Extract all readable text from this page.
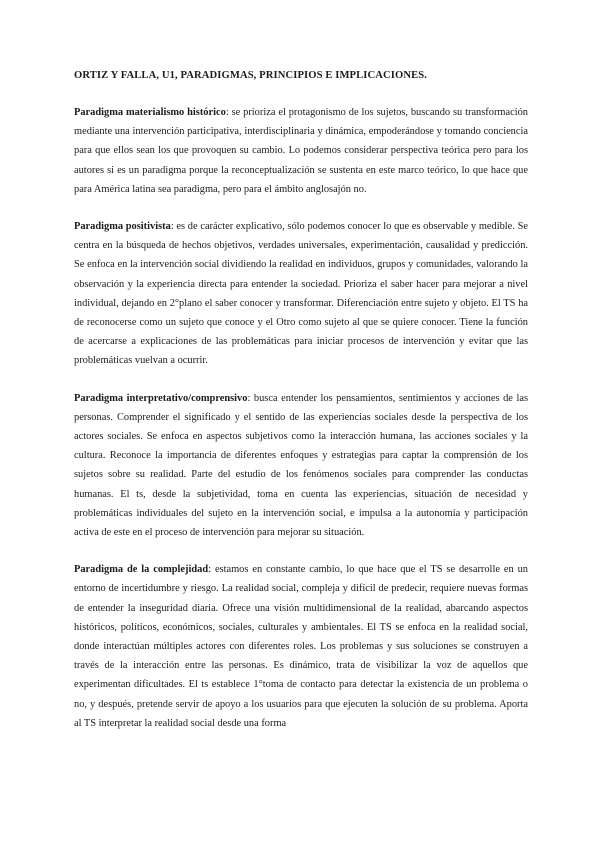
ORTIZ Y FALLA, U1, PARADIGMAS, PRINCIPIOS E IMPLICACIONES.

Paradigma materialismo histórico: se prioriza el protagonismo de los sujetos, buscando su transformación mediante una intervención participativa, interdisciplinaria y dinámica, empoderándose y tomando conciencia para que ellos sean los que provoquen su cambio. Lo podemos considerar perspectiva teórica pero para los autores si es un paradigma porque la reconceptualización se sustenta en este marco teórico, lo que hace que para América latina sea paradigma, pero para el ámbito anglosajón no.

Paradigma positivista: es de carácter explicativo, sólo podemos conocer lo que es observable y medible. Se centra en la búsqueda de hechos objetivos, verdades universales, experimentación, causalidad y predicción. Se enfoca en la intervención social dividiendo la realidad en individuos, grupos y comunidades, valorando la observación y la experiencia directa para entender la sociedad. Prioriza el saber hacer para mejorar a nivel individual, dejando en 2°plano el saber conocer y transformar. Diferenciación entre sujeto y objeto. El TS ha de reconocerse como un sujeto que conoce y el Otro como sujeto al que se quiere conocer. Tiene la función de acercarse a explicaciones de las problemáticas para iniciar procesos de intervención y evitar que las problemáticas vuelvan a ocurrir.

Paradigma interpretativo/comprensivo: busca entender los pensamientos, sentimientos y acciones de las personas. Comprender el significado y el sentido de las experiencias sociales desde la perspectiva de los actores sociales. Se enfoca en aspectos subjetivos como la interacción humana, las acciones sociales y la cultura. Reconoce la importancia de diferentes enfoques y estrategias para captar la comprensión de los sujetos sobre su realidad. Parte del estudio de los fenómenos sociales para comprender las conductas humanas. El ts, desde la subjetividad, toma en cuenta las experiencias, situación de necesidad y problemáticas individuales del sujeto en la intervención social, e impulsa a la autonomía y participación activa de este en el proceso de intervención para mejorar su situación.

Paradigma de la complejidad: estamos en constante cambio, lo que hace que el TS se desarrolle en un entorno de incertidumbre y riesgo. La realidad social, compleja y difícil de predecir, requiere nuevas formas de entender la inseguridad diaria. Ofrece una visión multidimensional de la realidad, abarcando aspectos históricos, políticos, económicos, sociales, culturales y ambientales. El TS se enfoca en la realidad social, donde interactúan múltiples actores con diferentes roles. Los problemas y sus soluciones se construyen a través de la interacción entre las personas. Es dinámico, trata de visibilizar la voz de aquellos que experimentan dificultades. El ts establece 1°toma de contacto para detectar la existencia de un problema o no, y después, pretende servir de apoyo a los usuarios para que ejecuten la solución de su problema. Aporta al TS interpretar la realidad social desde una forma
